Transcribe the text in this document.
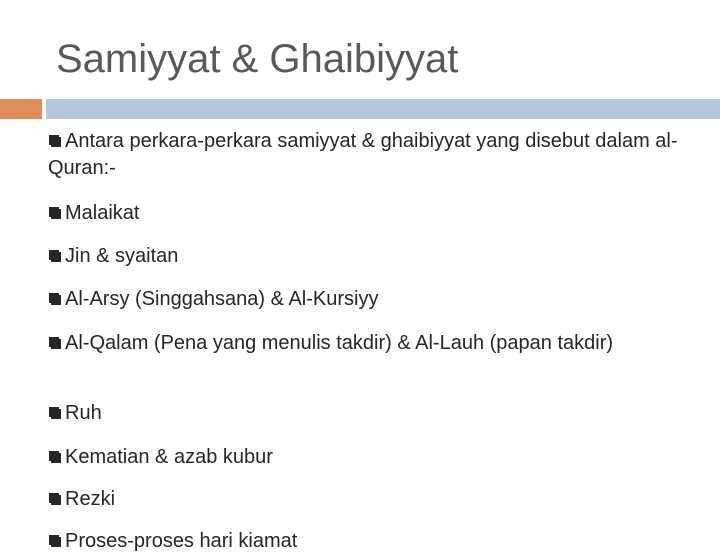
Samiyyat & Ghaibiyyat
Antara perkara-perkara samiyyat & ghaibiyyat yang disebut dalam al-Quran:-
Malaikat
Jin & syaitan
Al-Arsy (Singgahsana) & Al-Kursiyy
Al-Qalam (Pena yang menulis takdir) & Al-Lauh (papan takdir)
Ruh
Kematian & azab kubur
Rezki
Proses-proses hari kiamat
